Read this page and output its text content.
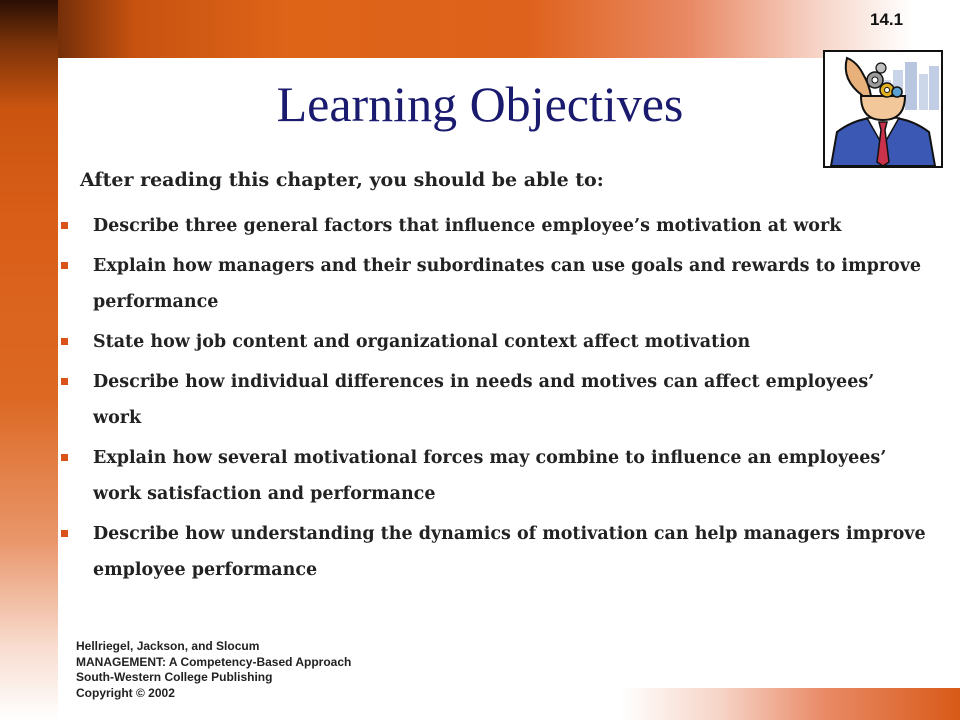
14.1
Learning Objectives
After reading this chapter, you should be able to:
Describe three general factors that influence employee’s motivation at work
Explain how managers and their subordinates can use goals and rewards to improve performance
State how job content and organizational context affect motivation
Describe how individual differences in needs and motives can affect employees’ work
Explain how several motivational forces may combine to influence an employees’ work satisfaction and performance
Describe how understanding the dynamics of motivation can help managers improve employee performance
Hellriegel, Jackson, and Slocum
MANAGEMENT: A Competency-Based Approach
South-Western College Publishing
Copyright © 2002
